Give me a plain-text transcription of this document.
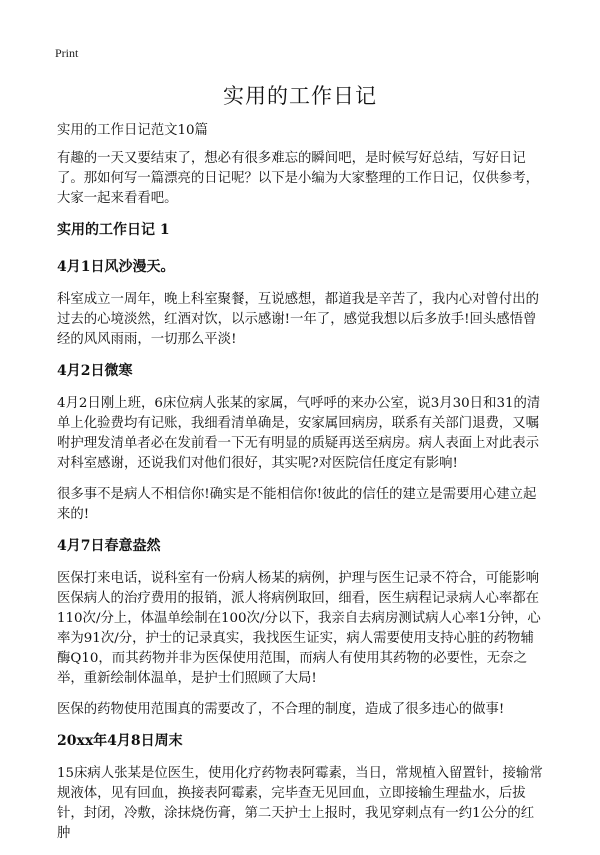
Print
实用的工作日记

实用的工作日记范文10篇

有趣的一天又要结束了，想必有很多难忘的瞬间吧，是时候写好总结，写好日记了。那如何写一篇漂亮的日记呢？以下是小编为大家整理的工作日记，仅供参考，大家一起来看看吧。

实用的工作日记 1

4月1日风沙漫天。

科室成立一周年，晚上科室聚餐，互说感想，都道我是辛苦了，我内心对曾付出的过去的心境淡然，红酒对饮，以示感谢!一年了，感觉我想以后多放手!回头感悟曾经的风风雨雨，一切那么平淡!

4月2日微寒

4月2日刚上班，6床位病人张某的家属，气呼呼的来办公室，说3月30日和31的清单上化验费均有记账，我细看清单确是，安家属回病房，联系有关部门退费，又嘱咐护理发清单者必在发前看一下无有明显的质疑再送至病房。病人表面上对此表示对科室感谢，还说我们对他们很好，其实呢?对医院信任度定有影响!

很多事不是病人不相信你!确实是不能相信你!彼此的信任的建立是需要用心建立起来的!

4月7日春意盎然

医保打来电话，说科室有一份病人杨某的病例，护理与医生记录不符合，可能影响医保病人的治疗费用的报销，派人将病例取回，细看，医生病程记录病人心率都在110次/分上，体温单绘制在100次/分以下，我亲自去病房测试病人心率1分钟，心率为91次/分，护士的记录真实，我找医生证实，病人需要使用支持心脏的药物辅酶Q10，而其药物并非为医保使用范围，而病人有使用其药物的必要性，无奈之举，重新绘制体温单，是护士们照顾了大局!

医保的药物使用范围真的需要改了，不合理的制度，造成了很多违心的做事!

20xx年4月8日周末

15床病人张某是位医生，使用化疗药物表阿霉素，当日，常规植入留置针，接输常规液体，见有回血，换接表阿霉素，完毕查无见回血，立即接输生理盐水，后拔针，封闭，冷敷，涂抹烧伤膏，第二天护士上报时，我见穿刺点有一约1公分的红肿
